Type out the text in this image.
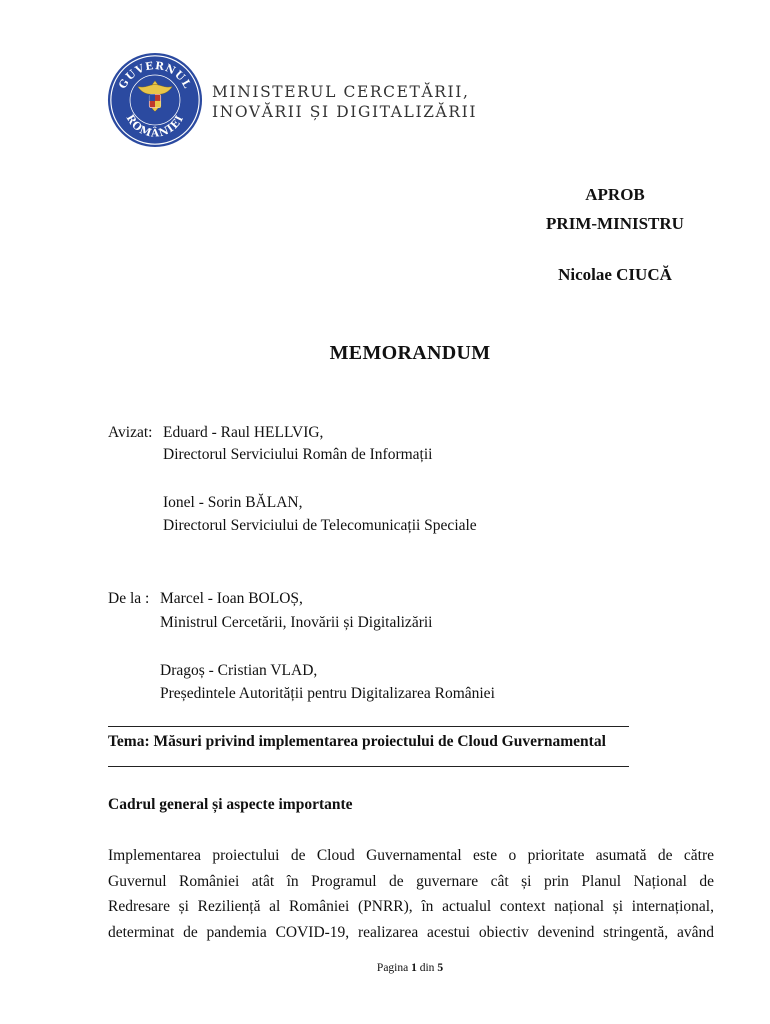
GUVERNUL
ROMÂNIEI
MINISTERUL CERCETĂRII,
INOVĂRII ȘI DIGITALIZĂRII
APROB
PRIM-MINISTRU
Nicolae CIUCĂ
MEMORANDUM
Avizat: Eduard - Raul HELLVIG,
Directorul Serviciului Român de Informații
Ionel - Sorin BĂLAN,
Directorul Serviciului de Telecomunicații Speciale
De la : Marcel - Ioan BOLOȘ,
Ministrul Cercetării, Inovării și Digitalizării
Dragoș - Cristian VLAD,
Președintele Autorității pentru Digitalizarea României
Tema: Măsuri privind implementarea proiectului de Cloud Guvernamental
Cadrul general și aspecte importante
Implementarea proiectului de Cloud Guvernamental este o prioritate asumată de către
Guvernul României atât în Programul de guvernare cât și prin Planul Național de
Redresare și Reziliență al României (PNRR), în actualul context național și internațional,
determinat de pandemia COVID-19, realizarea acestui obiectiv devenind stringentă, având
Pagina 1 din 5
